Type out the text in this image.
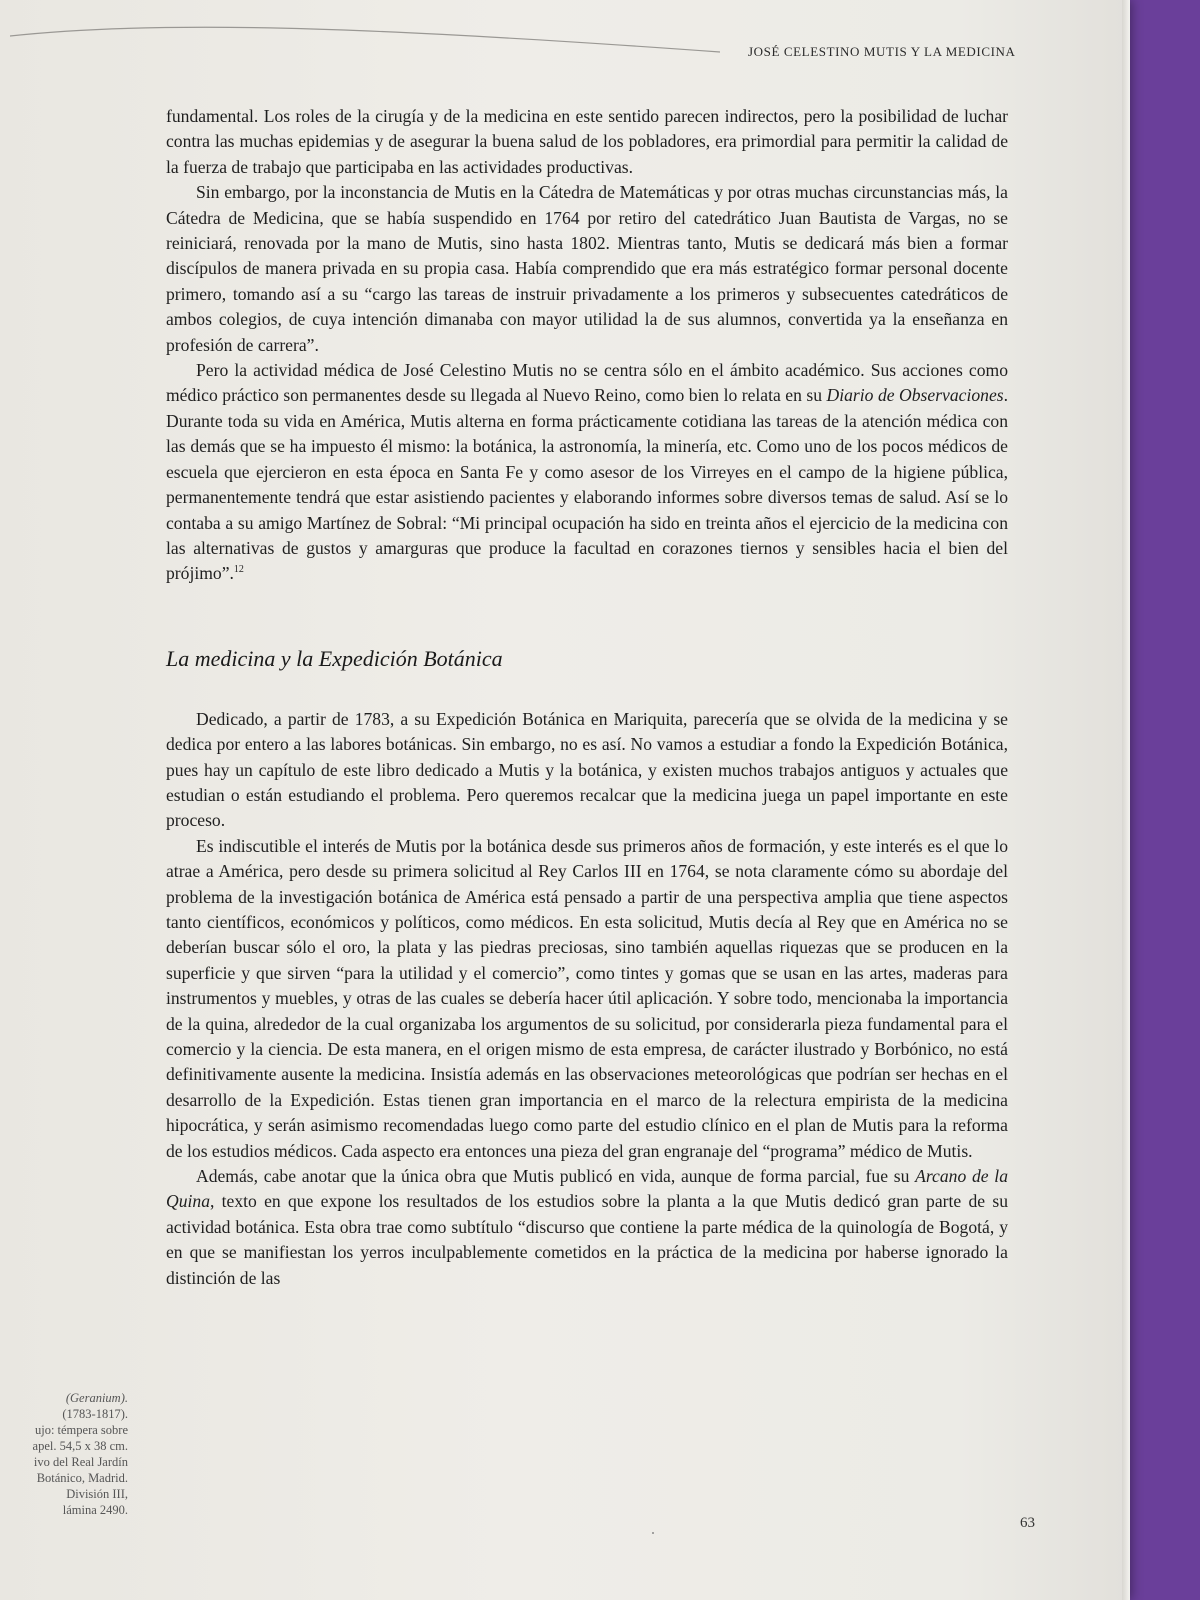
JOSÉ CELESTINO MUTIS Y LA MEDICINA

fundamental. Los roles de la cirugía y de la medicina en este sentido parecen indirectos, pero la posibilidad de luchar contra las muchas epidemias y de asegurar la buena salud de los pobladores, era primordial para permitir la calidad de la fuerza de trabajo que participaba en las actividades productivas.

Sin embargo, por la inconstancia de Mutis en la Cátedra de Matemáticas y por otras muchas circunstancias más, la Cátedra de Medicina, que se había suspendido en 1764 por retiro del catedrático Juan Bautista de Vargas, no se reiniciará, renovada por la mano de Mutis, sino hasta 1802. Mientras tanto, Mutis se dedicará más bien a formar discípulos de manera privada en su propia casa. Había comprendido que era más estratégico formar personal docente primero, tomando así a su “cargo las tareas de instruir privadamente a los primeros y subsecuentes catedráticos de ambos colegios, de cuya intención dimanaba con mayor utilidad la de sus alumnos, convertida ya la enseñanza en profesión de carrera”.

Pero la actividad médica de José Celestino Mutis no se centra sólo en el ámbito académico. Sus acciones como médico práctico son permanentes desde su llegada al Nuevo Reino, como bien lo relata en su Diario de Observaciones. Durante toda su vida en América, Mutis alterna en forma prácticamente cotidiana las tareas de la atención médica con las demás que se ha impuesto él mismo: la botánica, la astronomía, la minería, etc. Como uno de los pocos médicos de escuela que ejercieron en esta época en Santa Fe y como asesor de los Virreyes en el campo de la higiene pública, permanentemente tendrá que estar asistiendo pacientes y elaborando informes sobre diversos temas de salud. Así se lo contaba a su amigo Martínez de Sobral: “Mi principal ocupación ha sido en treinta años el ejercicio de la medicina con las alternativas de gustos y amarguras que produce la facultad en corazones tiernos y sensibles hacia el bien del prójimo”.$^{12}$

La medicina y la Expedición Botánica

Dedicado, a partir de 1783, a su Expedición Botánica en Mariquita, parecería que se olvida de la medicina y se dedica por entero a las labores botánicas. Sin embargo, no es así. No vamos a estudiar a fondo la Expedición Botánica, pues hay un capítulo de este libro dedicado a Mutis y la botánica, y existen muchos trabajos antiguos y actuales que estudian o están estudiando el problema. Pero queremos recalcar que la medicina juega un papel importante en este proceso.

Es indiscutible el interés de Mutis por la botánica desde sus primeros años de formación, y este interés es el que lo atrae a América, pero desde su primera solicitud al Rey Carlos III en 1764, se nota claramente cómo su abordaje del problema de la investigación botánica de América está pensado a partir de una perspectiva amplia que tiene aspectos tanto científicos, económicos y políticos, como médicos. En esta solicitud, Mutis decía al Rey que en América no se deberían buscar sólo el oro, la plata y las piedras preciosas, sino también aquellas riquezas que se producen en la superficie y que sirven “para la utilidad y el comercio”, como tintes y gomas que se usan en las artes, maderas para instrumentos y muebles, y otras de las cuales se debería hacer útil aplicación. Y sobre todo, mencionaba la importancia de la quina, alrededor de la cual organizaba los argumentos de su solicitud, por considerarla pieza fundamental para el comercio y la ciencia. De esta manera, en el origen mismo de esta empresa, de carácter ilustrado y Borbónico, no está definitivamente ausente la medicina. Insistía además en las observaciones meteorológicas que podrían ser hechas en el desarrollo de la Expedición. Estas tienen gran importancia en el marco de la relectura empirista de la medicina hipocrática, y serán asimismo recomendadas luego como parte del estudio clínico en el plan de Mutis para la reforma de los estudios médicos. Cada aspecto era entonces una pieza del gran engranaje del “programa” médico de Mutis.

Además, cabe anotar que la única obra que Mutis publicó en vida, aunque de forma parcial, fue su Arcano de la Quina, texto en que expone los resultados de los estudios sobre la planta a la que Mutis dedicó gran parte de su actividad botánica. Esta obra trae como subtítulo “discurso que contiene la parte médica de la quinología de Bogotá, y en que se manifiestan los yerros inculpablemente cometidos en la práctica de la medicina por haberse ignorado la distinción de las

(Geranium).
(1783-1817).
ujo: témpera sobre
apel. 54,5 x 38 cm.
ivo del Real Jardín
Botánico, Madrid.
División III,
lámina 2490.
63
